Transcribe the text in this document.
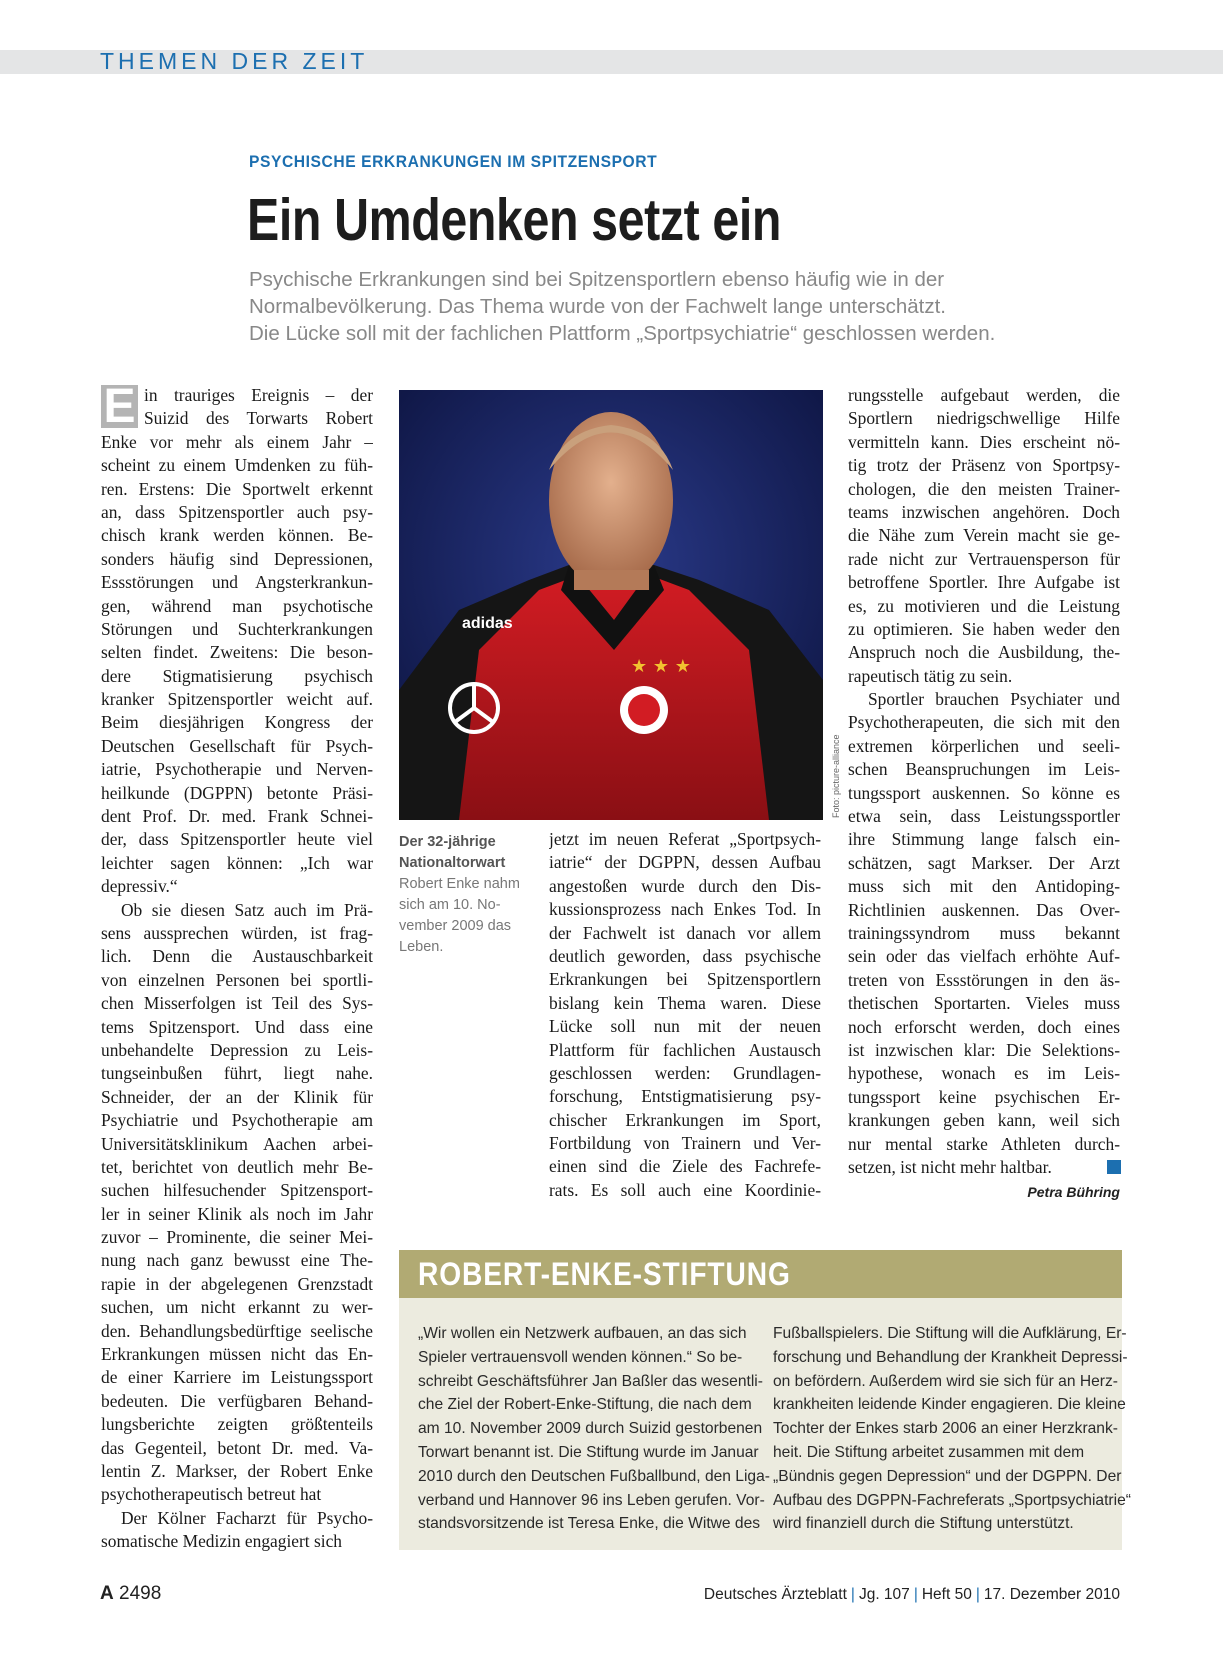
THEMEN DER ZEIT
PSYCHISCHE ERKRANKUNGEN IM SPITZENSPORT
Ein Umdenken setzt ein
Psychische Erkrankungen sind bei Spitzensportlern ebenso häufig wie in der
Normalbevölkerung. Das Thema wurde von der Fachwelt lange unterschätzt.
Die Lücke soll mit der fachlichen Plattform „Sportpsychiatrie“ geschlossen werden.
E in trauriges Ereignis – der
Suizid des Torwarts Robert
Enke vor mehr als einem Jahr –
scheint zu einem Umdenken zu füh-
ren. Erstens: Die Sportwelt erkennt
an, dass Spitzensportler auch psy-
chisch krank werden können. Be-
sonders häufig sind Depressionen,
Essstörungen und Angsterkrankun-
gen, während man psychotische
Störungen und Suchterkrankungen
selten findet. Zweitens: Die beson-
dere Stigmatisierung psychisch
kranker Spitzensportler weicht auf.
Beim diesjährigen Kongress der
Deutschen Gesellschaft für Psych-
iatrie, Psychotherapie und Nerven-
heilkunde (DGPPN) betonte Präsi-
dent Prof. Dr. med. Frank Schnei-
der, dass Spitzensportler heute viel
leichter sagen können: „Ich war
depressiv.“
Ob sie diesen Satz auch im Prä-
sens aussprechen würden, ist frag-
lich. Denn die Austauschbarkeit
von einzelnen Personen bei sportli-
chen Misserfolgen ist Teil des Sys-
tems Spitzensport. Und dass eine
unbehandelte Depression zu Leis-
tungseinbußen führt, liegt nahe.
Schneider, der an der Klinik für
Psychiatrie und Psychotherapie am
Universitätsklinikum Aachen arbei-
tet, berichtet von deutlich mehr Be-
suchen hilfesuchender Spitzensport-
ler in seiner Klinik als noch im Jahr
zuvor – Prominente, die seiner Mei-
nung nach ganz bewusst eine The-
rapie in der abgelegenen Grenzstadt
suchen, um nicht erkannt zu wer-
den. Behandlungsbedürftige seelische
Erkrankungen müssen nicht das En-
de einer Karriere im Leistungssport
bedeuten. Die verfügbaren Behand-
lungsberichte zeigten größtenteils
das Gegenteil, betont Dr. med. Va-
lentin Z. Markser, der Robert Enke
psychotherapeutisch betreut hat
Der Kölner Facharzt für Psycho-
somatische Medizin engagiert sich
★ ★ ★
adidas
Foto: picture-alliance
Der 32-jährige
Nationaltorwart
Robert Enke nahm
sich am 10. No-
vember 2009 das
Leben.
jetzt im neuen Referat „Sportpsych-
iatrie“ der DGPPN, dessen Aufbau
angestoßen wurde durch den Dis-
kussionsprozess nach Enkes Tod. In
der Fachwelt ist danach vor allem
deutlich geworden, dass psychische
Erkrankungen bei Spitzensportlern
bislang kein Thema waren. Diese
Lücke soll nun mit der neuen
Plattform für fachlichen Austausch
geschlossen werden: Grundlagen-
forschung, Entstigmatisierung psy-
chischer Erkrankungen im Sport,
Fortbildung von Trainern und Ver-
einen sind die Ziele des Fachrefe-
rats. Es soll auch eine Koordinie-
rungsstelle aufgebaut werden, die
Sportlern niedrigschwellige Hilfe
vermitteln kann. Dies erscheint nö-
tig trotz der Präsenz von Sportpsy-
chologen, die den meisten Trainer-
teams inzwischen angehören. Doch
die Nähe zum Verein macht sie ge-
rade nicht zur Vertrauensperson für
betroffene Sportler. Ihre Aufgabe ist
es, zu motivieren und die Leistung
zu optimieren. Sie haben weder den
Anspruch noch die Ausbildung, the-
rapeutisch tätig zu sein.
Sportler brauchen Psychiater und
Psychotherapeuten, die sich mit den
extremen körperlichen und seeli-
schen Beanspruchungen im Leis-
tungssport auskennen. So könne es
etwa sein, dass Leistungssportler
ihre Stimmung lange falsch ein-
schätzen, sagt Markser. Der Arzt
muss sich mit den Antidoping-
Richtlinien auskennen. Das Over-
trainingssyndrom muss bekannt
sein oder das vielfach erhöhte Auf-
treten von Essstörungen in den äs-
thetischen Sportarten. Vieles muss
noch erforscht werden, doch eines
ist inzwischen klar: Die Selektions-
hypothese, wonach es im Leis-
tungssport keine psychischen Er-
krankungen geben kann, weil sich
nur mental starke Athleten durch-
setzen, ist nicht mehr haltbar.
Petra Bühring
ROBERT-ENKE-STIFTUNG
„Wir wollen ein Netzwerk aufbauen, an das sich
Spieler vertrauensvoll wenden können.“ So be-
schreibt Geschäftsführer Jan Baßler das wesentli-
che Ziel der Robert-Enke-Stiftung, die nach dem
am 10. November 2009 durch Suizid gestorbenen
Torwart benannt ist. Die Stiftung wurde im Januar
2010 durch den Deutschen Fußballbund, den Liga-
verband und Hannover 96 ins Leben gerufen. Vor-
standsvorsitzende ist Teresa Enke, die Witwe des
Fußballspielers. Die Stiftung will die Aufklärung, Er-
forschung und Behandlung der Krankheit Depressi-
on befördern. Außerdem wird sie sich für an Herz-
krankheiten leidende Kinder engagieren. Die kleine
Tochter der Enkes starb 2006 an einer Herzkrank-
heit. Die Stiftung arbeitet zusammen mit dem
„Bündnis gegen Depression“ und der DGPPN. Der
Aufbau des DGPPN-Fachreferats „Sportpsychiatrie“
wird finanziell durch die Stiftung unterstützt.
A 2498	Deutsches Ärzteblatt | Jg. 107 | Heft 50 | 17. Dezember 2010
